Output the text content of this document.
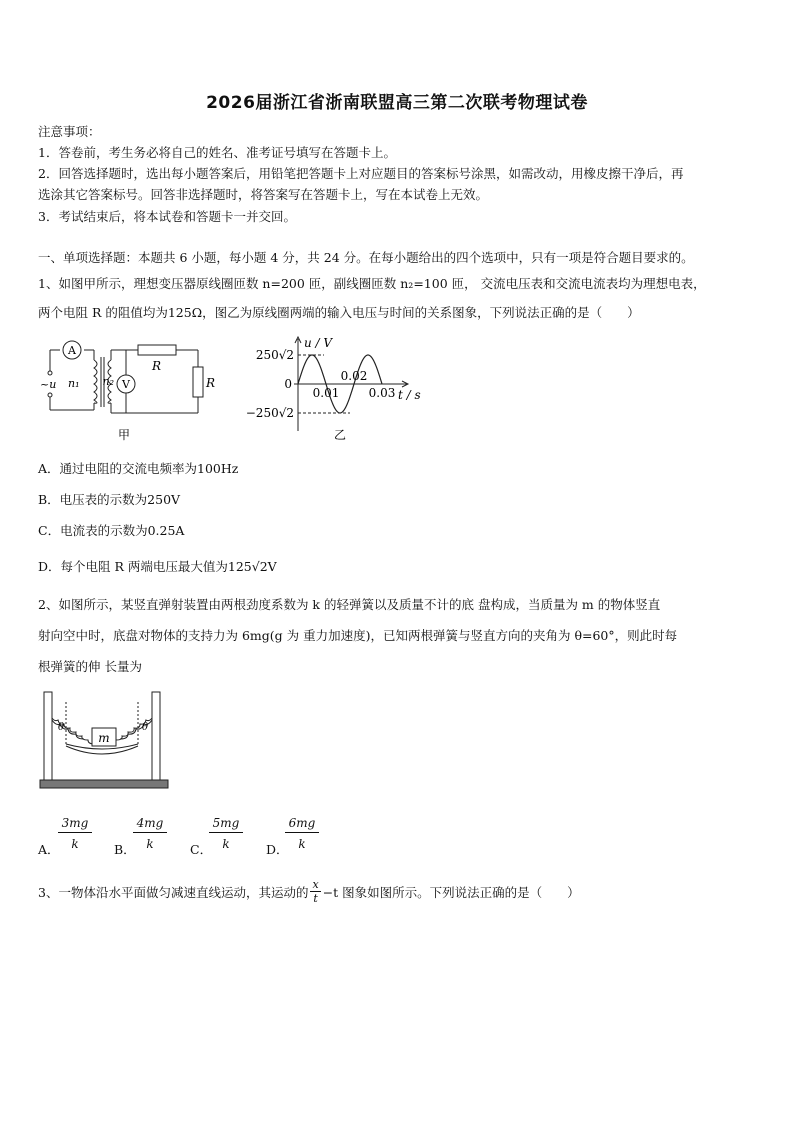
2026届浙江省浙南联盟高三第二次联考物理试卷
注意事项：
1．答卷前，考生务必将自己的姓名、准考证号填写在答题卡上。
2．回答选择题时，选出每小题答案后，用铅笔把答题卡上对应题目的答案标号涂黑，如需改动，用橡皮擦干净后，再
选涂其它答案标号。回答非选择题时，将答案写在答题卡上，写在本试卷上无效。
3．考试结束后，将本试卷和答题卡一并交回。
一、单项选择题：本题共 6 小题，每小题 4 分，共 24 分。在每小题给出的四个选项中，只有一项是符合题目要求的。
1、如图甲所示，理想变压器原线圈匝数 n=200 匝，副线圈匝数 n₂=100 匝， 交流电压表和交流电流表均为理想电表，
两个电阻 R 的阻值均为125Ω，图乙为原线圈两端的输入电压与时间的关系图象，下列说法正确的是（　　）
A
V
~u n₁ n₂
R
R
甲
u / V
t / s
250√2
−250√2
0
0.01
0.02
0.03
乙
A．通过电阻的交流电频率为100Hz
B．电压表的示数为250V
C．电流表的示数为0.25A
D．每个电阻 R 两端电压最大值为125√2V
2、如图所示，某竖直弹射装置由两根劲度系数为 k 的轻弹簧以及质量不计的底 盘构成，当质量为 m 的物体竖直
射向空中时，底盘对物体的支持力为 6mg(g 为 重力加速度)，已知两根弹簧与竖直方向的夹角为 θ=60°，则此时每
根弹簧的伸 长量为
m
θ	θ
A．
$\frac{3mg}{k}$ B．
$\frac{4mg}{k}$ C．
$\frac{5mg}{k}$ D．
$\frac{6mg}{k}$
3、一物体沿水平面做匀减速直线运动，其运动的 $\frac{x}{t} -t$ 图象如图所示。下列说法正确的是（　　）
